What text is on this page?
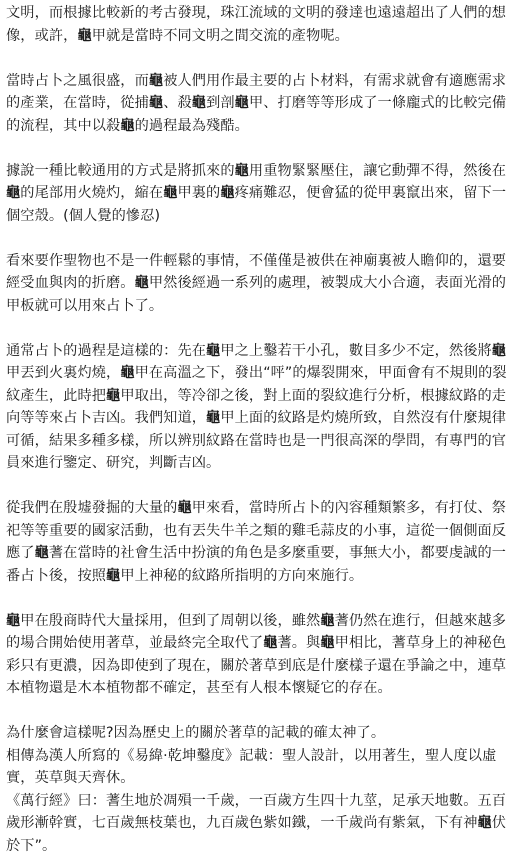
文明，而根據比較新的考古發現，珠江流域的文明的發達也遠遠超出了人們的想像，或許，龜甲就是當時不同文明之間交流的產物呢。

當時占卜之風很盛，而龜被人們用作最主要的占卜材料，有需求就會有適應需求的產業，在當時，從捕龜、殺龜到剖龜甲、打磨等等形成了一條龐式的比較完備的流程，其中以殺龜的過程最為殘酷。

據說一種比較通用的方式是將抓來的龜用重物緊緊壓住，讓它動彈不得，然後在龜的尾部用火燒灼，縮在龜甲裏的龜疼痛難忍，便會猛的從甲裏竄出來，留下一個空殼。(個人覺的慘忍)

看來要作聖物也不是一件輕鬆的事情，不僅僅是被供在神廟裏被人瞻仰的，還要經受血與肉的折磨。龜甲然後經過一系列的處理，被製成大小合適，表面光滑的甲板就可以用來占卜了。

通常占卜的過程是這樣的：先在龜甲之上鑿若干小孔，數目多少不定，然後將龜甲丟到火裏灼燒，龜甲在高溫之下，發出“呯”的爆裂開來，甲面會有不規則的裂紋產生，此時把龜甲取出，等冷卻之後，對上面的裂紋進行分析，根據紋路的走向等等來占卜吉凶。我們知道，龜甲上面的紋路是灼燒所致，自然沒有什麼規律可循，結果多種多樣，所以辨別紋路在當時也是一門很高深的學問，有專門的官員來進行鑒定、研究，判斷吉凶。

從我們在殷墟發掘的大量的龜甲來看，當時所占卜的內容種類繁多，有打仗、祭祀等等重要的國家活動，也有丟失牛羊之類的雞毛蒜皮的小事，這從一個側面反應了龜蓍在當時的社會生活中扮演的角色是多麼重要，事無大小，都要虔誠的一番占卜後，按照龜甲上神秘的紋路所指明的方向來施行。

龜甲在殷商時代大量採用，但到了周朝以後，雖然龜蓍仍然在進行，但越來越多的場合開始使用著草，並最終完全取代了龜蓍。與龜甲相比，蓍草身上的神秘色彩只有更濃，因為即使到了現在，關於著草到底是什麼樣子還在爭論之中，連草本植物還是木本植物都不確定，甚至有人根本懷疑它的存在。

為什麼會這樣呢?因為歷史上的關於著草的記載的確太神了。

相傳為漢人所寫的《易緯·乾坤鑿度》記載：聖人設計，以用著生，聖人度以虛實，英草與天齊休。

《萬行經》曰：蓍生地於凋殞一千歲，一百歲方生四十九莖，足承天地數。五百歲形漸幹實，七百歲無枝葉也，九百歲色紫如鐵，一千歲尚有紫氣，下有神龜伏於下”。
